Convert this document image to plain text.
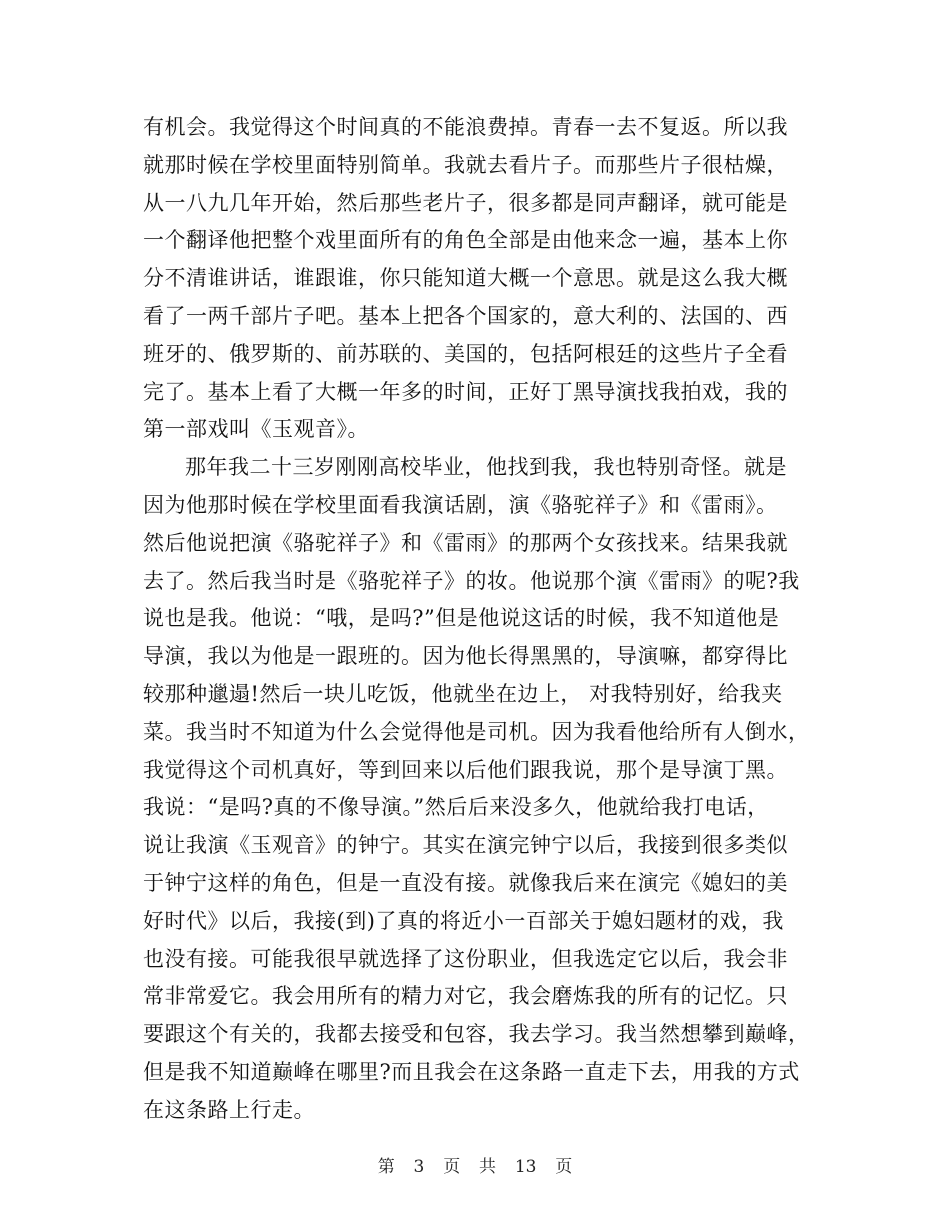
有机会。我觉得这个时间真的不能浪费掉。青春一去不复返。所以我
就那时候在学校里面特别简单。我就去看片子。而那些片子很枯燥，
从一八九几年开始，然后那些老片子，很多都是同声翻译，就可能是
一个翻译他把整个戏里面所有的角色全部是由他来念一遍，基本上你
分不清谁讲话，谁跟谁，你只能知道大概一个意思。就是这么我大概
看了一两千部片子吧。基本上把各个国家的，意大利的、法国的、西
班牙的、俄罗斯的、前苏联的、美国的，包括阿根廷的这些片子全看
完了。基本上看了大概一年多的时间，正好丁黑导演找我拍戏，我的
第一部戏叫《玉观音》。
那年我二十三岁刚刚高校毕业，他找到我，我也特别奇怪。就是
因为他那时候在学校里面看我演话剧，演《骆驼祥子》和《雷雨》。
然后他说把演《骆驼祥子》和《雷雨》的那两个女孩找来。结果我就
去了。然后我当时是《骆驼祥子》的妆。他说那个演《雷雨》的呢?我
说也是我。他说：“哦，是吗?”但是他说这话的时候，我不知道他是
导演，我以为他是一跟班的。因为他长得黑黑的，导演嘛，都穿得比
较那种邋遢!然后一块儿吃饭，他就坐在边上， 对我特别好，给我夹
菜。我当时不知道为什么会觉得他是司机。因为我看他给所有人倒水，
我觉得这个司机真好，等到回来以后他们跟我说，那个是导演丁黑。
我说：“是吗?真的不像导演。”然后后来没多久，他就给我打电话，
说让我演《玉观音》的钟宁。其实在演完钟宁以后，我接到很多类似
于钟宁这样的角色，但是一直没有接。就像我后来在演完《媳妇的美
好时代》以后，我接(到)了真的将近小一百部关于媳妇题材的戏，我
也没有接。可能我很早就选择了这份职业，但我选定它以后，我会非
常非常爱它。我会用所有的精力对它，我会磨炼我的所有的记忆。只
要跟这个有关的，我都去接受和包容，我去学习。我当然想攀到巅峰，
但是我不知道巅峰在哪里?而且我会在这条路一直走下去，用我的方式
在这条路上行走。
第 3 页 共 13 页
